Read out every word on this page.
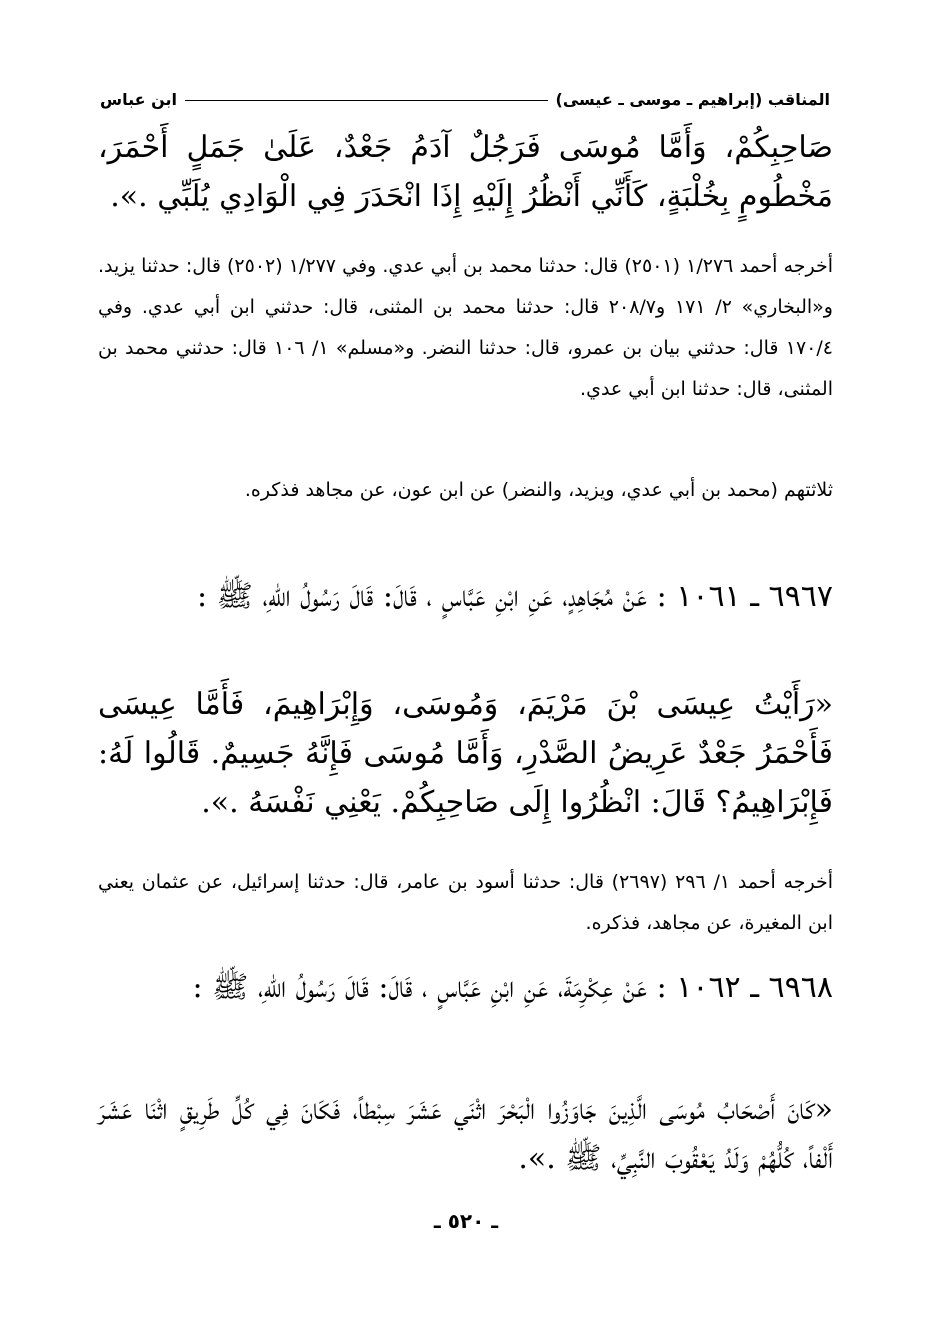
المناقب (إبراهيم ـ موسى ـ عيسى)
ابن عباس

صَاحِبِكُمْ، وَأَمَّا مُوسَى فَرَجُلٌ آدَمُ جَعْدٌ، عَلَىٰ جَمَلٍ أَحْمَرَ، مَخْطُومٍ بِخُلْبَةٍ، كَأَنِّي أَنْظُرُ إِلَيْهِ إِذَا انْحَدَرَ فِي الْوَادِي يُلَبِّي .».

أخرجه أحمد ١/٢٧٦ (٢٥٠١) قال: حدثنا محمد بن أبي عدي. وفي ١/٢٧٧ (٢٥٠٢) قال: حدثنا يزيد. و«البخاري» ٢/ ١٧١ و٢٠٨/٧ قال: حدثنا محمد بن المثنى، قال: حدثني ابن أبي عدي. وفي ١٧٠/٤ قال: حدثني بيان بن عمرو، قال: حدثنا النضر. و«مسلم» ١/ ١٠٦ قال: حدثني محمد بن المثنى، قال: حدثنا ابن أبي عدي.

ثلاثتهم (محمد بن أبي عدي، ويزيد، والنضر) عن ابن عون، عن مجاهد فذكره.

٦٩٦٧ ـ ١٠٦١ : عَنْ مُجَاهِدٍ، عَنِ ابْنِ عَبَّاسٍ ، قَالَ: قَالَ رَسُولُ اللّٰهِ، ﷺ :

«رَأَيْتُ عِيسَى بْنَ مَرْيَمَ، وَمُوسَى، وَإِبْرَاهِيمَ، فَأَمَّا عِيسَى فَأَحْمَرُ جَعْدٌ عَرِيضُ الصَّدْرِ، وَأَمَّا مُوسَى فَإِنَّهُ جَسِيمٌ. قَالُوا لَهُ: فَإِبْرَاهِيمُ؟ قَالَ: انْظُرُوا إِلَى صَاحِبِكُمْ. يَعْنِي نَفْسَهُ .».

أخرجه أحمد ١/ ٢٩٦ (٢٦٩٧) قال: حدثنا أسود بن عامر، قال: حدثنا إسرائيل، عن عثمان يعني ابن المغيرة، عن مجاهد، فذكره.

٦٩٦٨ ـ ١٠٦٢ : عَنْ عِكْرِمَةَ، عَنِ ابْنِ عَبَّاسٍ ، قَالَ: قَالَ رَسُولُ اللّٰهِ، ﷺ :

«كَانَ أَصْحَابُ مُوسَى الَّذِينَ جَاوَزُوا الْبَحْرَ اثْنَي عَشَرَ سِبْطاً، فَكَانَ فِي كُلِّ طَرِيقٍ اثْنَا عَشَرَ أَلْفاً، كُلُّهُمْ وَلَدُ يَعْقُوبَ النَّبِيِّ، ﷺ .».

ـ ٥٢٠ ـ
